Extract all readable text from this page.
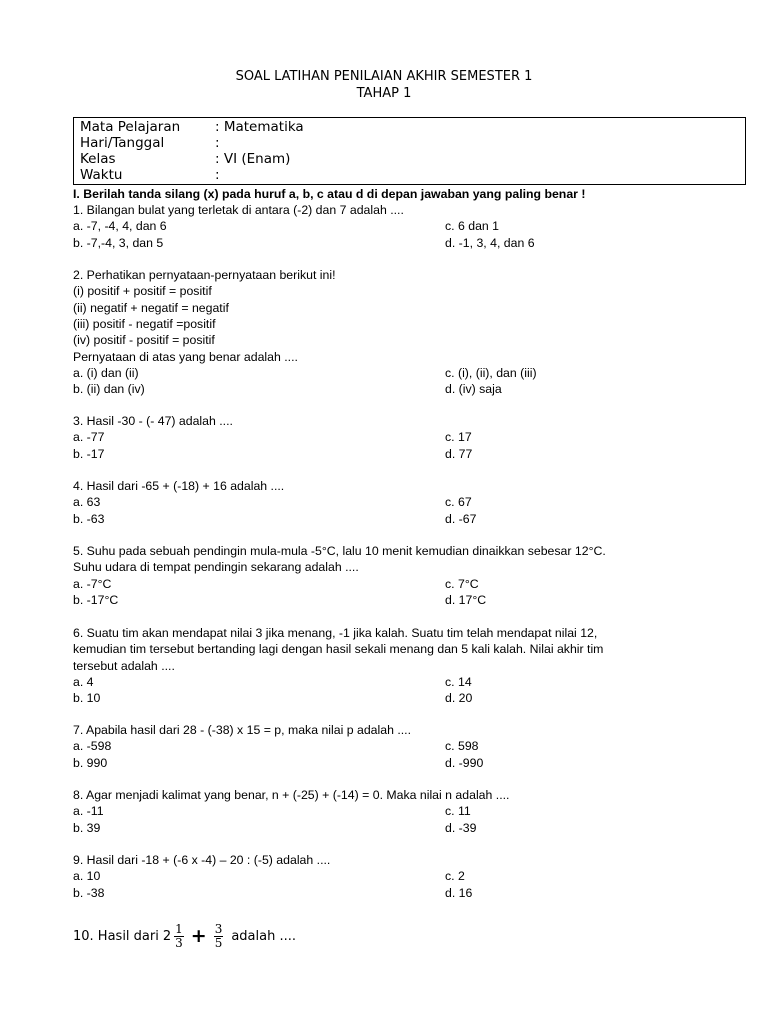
SOAL LATIHAN PENILAIAN AKHIR SEMESTER 1
TAHAP 1
Mata Pelajaran	: Matematika
Hari/Tanggal	:
Kelas	: VI (Enam)
Waktu	:
I. Berilah tanda silang (x) pada huruf a, b, c atau d di depan jawaban yang paling benar !
1. Bilangan bulat yang terletak di antara (-2) dan 7 adalah ....
a. -7, -4, 4, dan 6	c. 6 dan 1
b. -7,-4, 3, dan 5	d. -1, 3, 4, dan 6
2. Perhatikan pernyataan-pernyataan berikut ini!
(i) positif + positif = positif
(ii) negatif + negatif = negatif
(iii) positif - negatif =positif
(iv) positif - positif = positif
Pernyataan di atas yang benar adalah ....
a. (i) dan (ii)	c. (i), (ii), dan (iii)
b. (ii) dan (iv)	d. (iv) saja
3. Hasil -30 - (- 47) adalah ....
a. -77	c. 17
b. -17	d. 77
4. Hasil dari -65 + (-18) + 16 adalah ....
a. 63	c. 67
b. -63	d. -67
5. Suhu pada sebuah pendingin mula-mula -5°C, lalu 10 menit kemudian dinaikkan sebesar 12°C.
Suhu udara di tempat pendingin sekarang adalah ....
a. -7°C	c. 7°C
b. -17°C	d. 17°C
6. Suatu tim akan mendapat nilai 3 jika menang, -1 jika kalah. Suatu tim telah mendapat nilai 12,
kemudian tim tersebut bertanding lagi dengan hasil sekali menang dan 5 kali kalah. Nilai akhir tim
tersebut adalah ....
a. 4	c. 14
b. 10	d. 20
7. Apabila hasil dari 28 - (-38) x 15 = p, maka nilai p adalah ....
a. -598	c. 598
b. 990	d. -990
8. Agar menjadi kalimat yang benar, n + (-25) + (-14) = 0. Maka nilai n adalah ....
a. -11	c. 11
b. 39	d. -39
9. Hasil dari -18 + (-6 x -4) – 20 : (-5) adalah ....
a. 10	c. 2
b. -38	d. 16
10. Hasil dari $2 \frac{1}{3} + \frac{3}{5}$ adalah ....
